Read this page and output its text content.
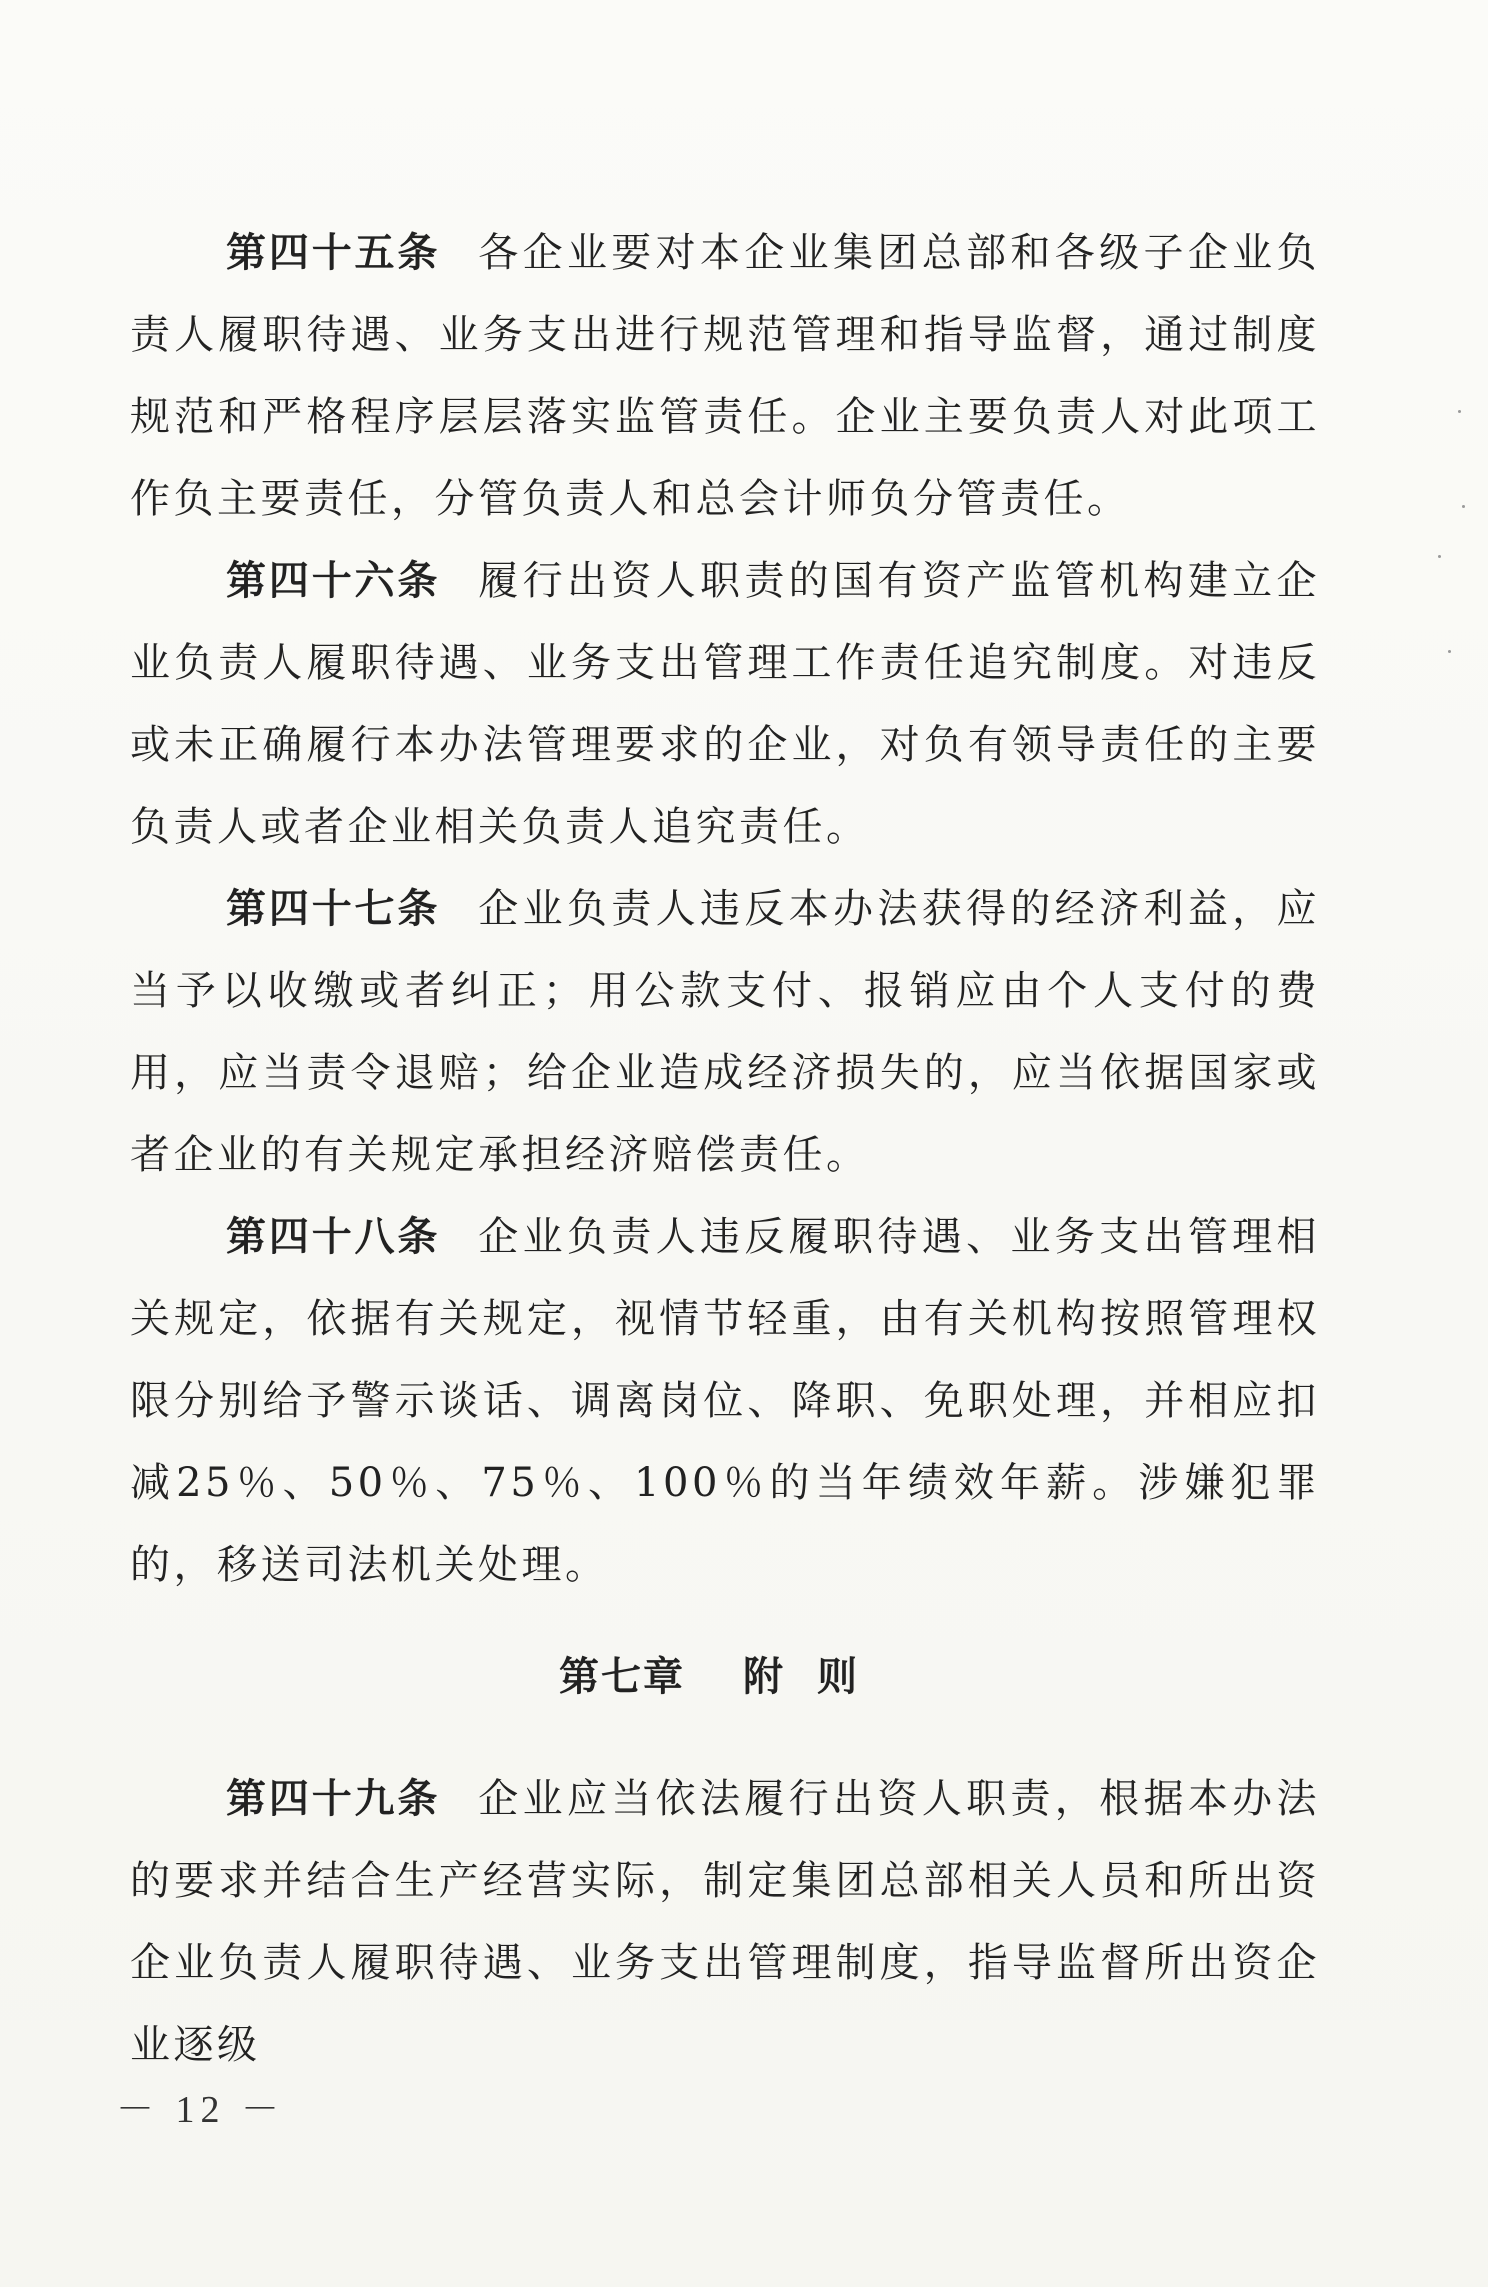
第四十五条 各企业要对本企业集团总部和各级子企业负责人履职待遇、业务支出进行规范管理和指导监督，通过制度规范和严格程序层层落实监管责任。企业主要负责人对此项工作负主要责任，分管负责人和总会计师负分管责任。

第四十六条 履行出资人职责的国有资产监管机构建立企业负责人履职待遇、业务支出管理工作责任追究制度。对违反或未正确履行本办法管理要求的企业，对负有领导责任的主要负责人或者企业相关负责人追究责任。

第四十七条 企业负责人违反本办法获得的经济利益，应当予以收缴或者纠正；用公款支付、报销应由个人支付的费用，应当责令退赔；给企业造成经济损失的，应当依据国家或者企业的有关规定承担经济赔偿责任。

第四十八条 企业负责人违反履职待遇、业务支出管理相关规定，依据有关规定，视情节轻重，由有关机构按照管理权限分别给予警示谈话、调离岗位、降职、免职处理，并相应扣减25％、50％、75％、100％的当年绩效年薪。涉嫌犯罪的，移送司法机关处理。

第七章 附则

第四十九条 企业应当依法履行出资人职责，根据本办法的要求并结合生产经营实际，制定集团总部相关人员和所出资企业负责人履职待遇、业务支出管理制度，指导监督所出资企业逐级

－ 12 －
